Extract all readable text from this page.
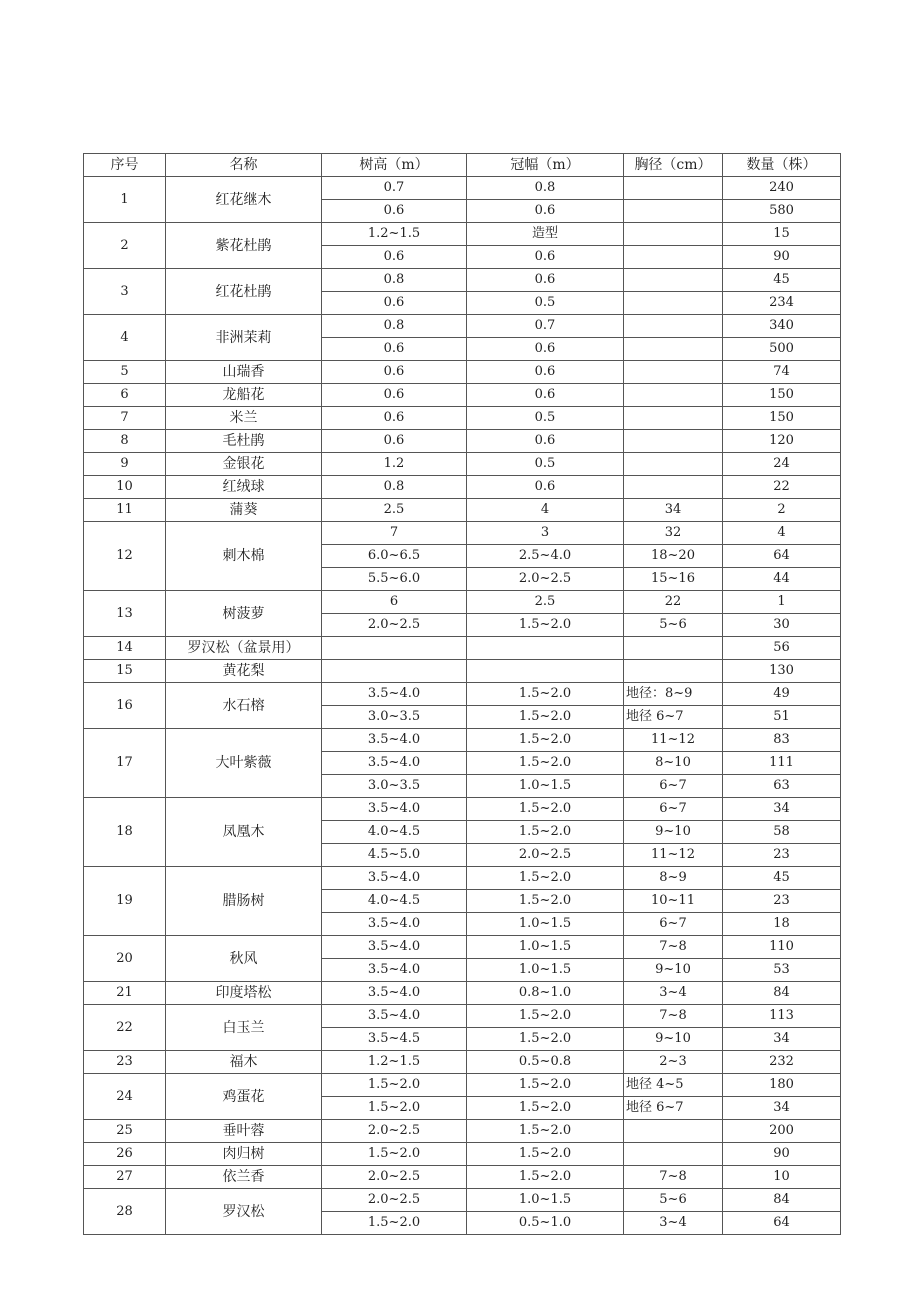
序号	名称	树高（m）	冠幅（m）	胸径（cm）	数量（株）
1	红花继木	0.7	0.8		240
		0.6	0.6		580
2	紫花杜鹃	1.2~1.5	造型		15
		0.6	0.6		90
3	红花杜鹃	0.8	0.6		45
		0.6	0.5		234
4	非洲茉莉	0.8	0.7		340
		0.6	0.6		500
5	山瑞香	0.6	0.6		74
6	龙船花	0.6	0.6		150
7	米兰	0.6	0.5		150
8	毛杜鹃	0.6	0.6		120
9	金银花	1.2	0.5		24
10	红绒球	0.8	0.6		22
11	蒲葵	2.5	4	34	2
12	刺木棉	7	3	32	4
		6.0~6.5	2.5~4.0	18~20	64
		5.5~6.0	2.0~2.5	15~16	44
13	树菠萝	6	2.5	22	1
		2.0~2.5	1.5~2.0	5~6	30
14	罗汉松（盆景用）				56
15	黄花梨				130
16	水石榕	3.5~4.0	1.5~2.0	地径：8~9	49
		3.0~3.5	1.5~2.0	地径 6~7	51
17	大叶紫薇	3.5~4.0	1.5~2.0	11~12	83
		3.5~4.0	1.5~2.0	8~10	111
		3.0~3.5	1.0~1.5	6~7	63
18	凤凰木	3.5~4.0	1.5~2.0	6~7	34
		4.0~4.5	1.5~2.0	9~10	58
		4.5~5.0	2.0~2.5	11~12	23
19	腊肠树	3.5~4.0	1.5~2.0	8~9	45
		4.0~4.5	1.5~2.0	10~11	23
		3.5~4.0	1.0~1.5	6~7	18
20	秋风	3.5~4.0	1.0~1.5	7~8	110
		3.5~4.0	1.0~1.5	9~10	53
21	印度塔松	3.5~4.0	0.8~1.0	3~4	84
22	白玉兰	3.5~4.0	1.5~2.0	7~8	113
		3.5~4.5	1.5~2.0	9~10	34
23	福木	1.2~1.5	0.5~0.8	2~3	232
24	鸡蛋花	1.5~2.0	1.5~2.0	地径 4~5	180
		1.5~2.0	1.5~2.0	地径 6~7	34
25	垂叶蓉	2.0~2.5	1.5~2.0		200
26	肉归树	1.5~2.0	1.5~2.0		90
27	依兰香	2.0~2.5	1.5~2.0	7~8	10
28	罗汉松	2.0~2.5	1.0~1.5	5~6	84
		1.5~2.0	0.5~1.0	3~4	64
